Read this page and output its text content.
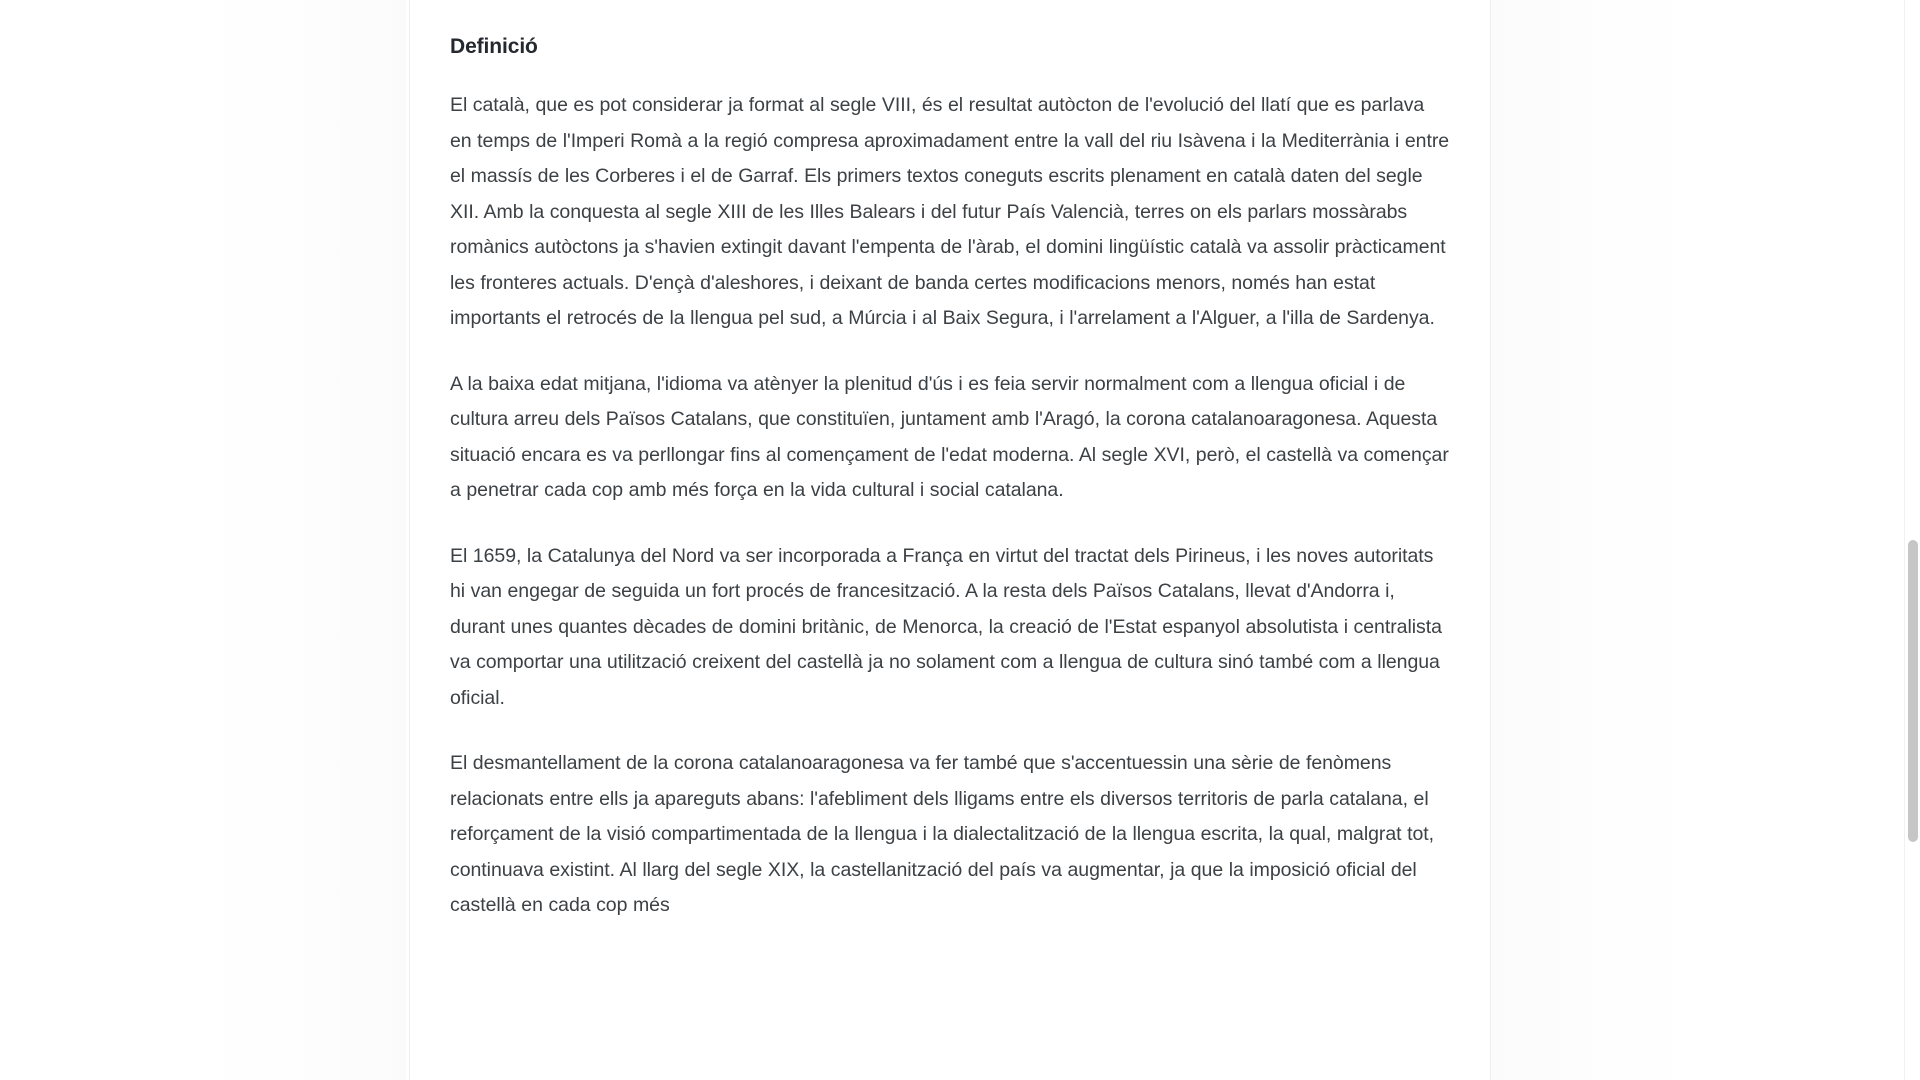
Definició

El català, que es pot considerar ja format al segle VIII, és el resultat autòcton de l'evolució del llatí que es parlava en temps de l'Imperi Romà a la regió compresa aproximadament entre la vall del riu Isàvena i la Mediterrània i entre el massís de les Corberes i el de Garraf. Els primers textos coneguts escrits plenament en català daten del segle XII. Amb la conquesta al segle XIII de les Illes Balears i del futur País Valencià, terres on els parlars mossàrabs romànics autòctons ja s'havien extingit davant l'empenta de l'àrab, el domini lingüístic català va assolir pràcticament les fronteres actuals. D'ençà d'aleshores, i deixant de banda certes modificacions menors, només han estat importants el retrocés de la llengua pel sud, a Múrcia i al Baix Segura, i l'arrelament a l'Alguer, a l'illa de Sardenya.

A la baixa edat mitjana, l'idioma va atènyer la plenitud d'ús i es feia servir normalment com a llengua oficial i de cultura arreu dels Països Catalans, que constituïen, juntament amb l'Aragó, la corona catalanoaragonesa. Aquesta situació encara es va perllongar fins al començament de l'edat moderna. Al segle XVI, però, el castellà va començar a penetrar cada cop amb més força en la vida cultural i social catalana.

El 1659, la Catalunya del Nord va ser incorporada a França en virtut del tractat dels Pirineus, i les noves autoritats hi van engegar de seguida un fort procés de francesització. A la resta dels Països Catalans, llevat d'Andorra i, durant unes quantes dècades de domini britànic, de Menorca, la creació de l'Estat espanyol absolutista i centralista va comportar una utilització creixent del castellà ja no solament com a llengua de cultura sinó també com a llengua oficial.

El desmantellament de la corona catalanoaragonesa va fer també que s'accentuessin una sèrie de fenòmens relacionats entre ells ja apareguts abans: l'afebliment dels lligams entre els diversos territoris de parla catalana, el reforçament de la visió compartimentada de la llengua i la dialectalització de la llengua escrita, la qual, malgrat tot, continuava existint. Al llarg del segle XIX, la castellanització del país va augmentar, ja que la imposició oficial del castellà en cada cop més
